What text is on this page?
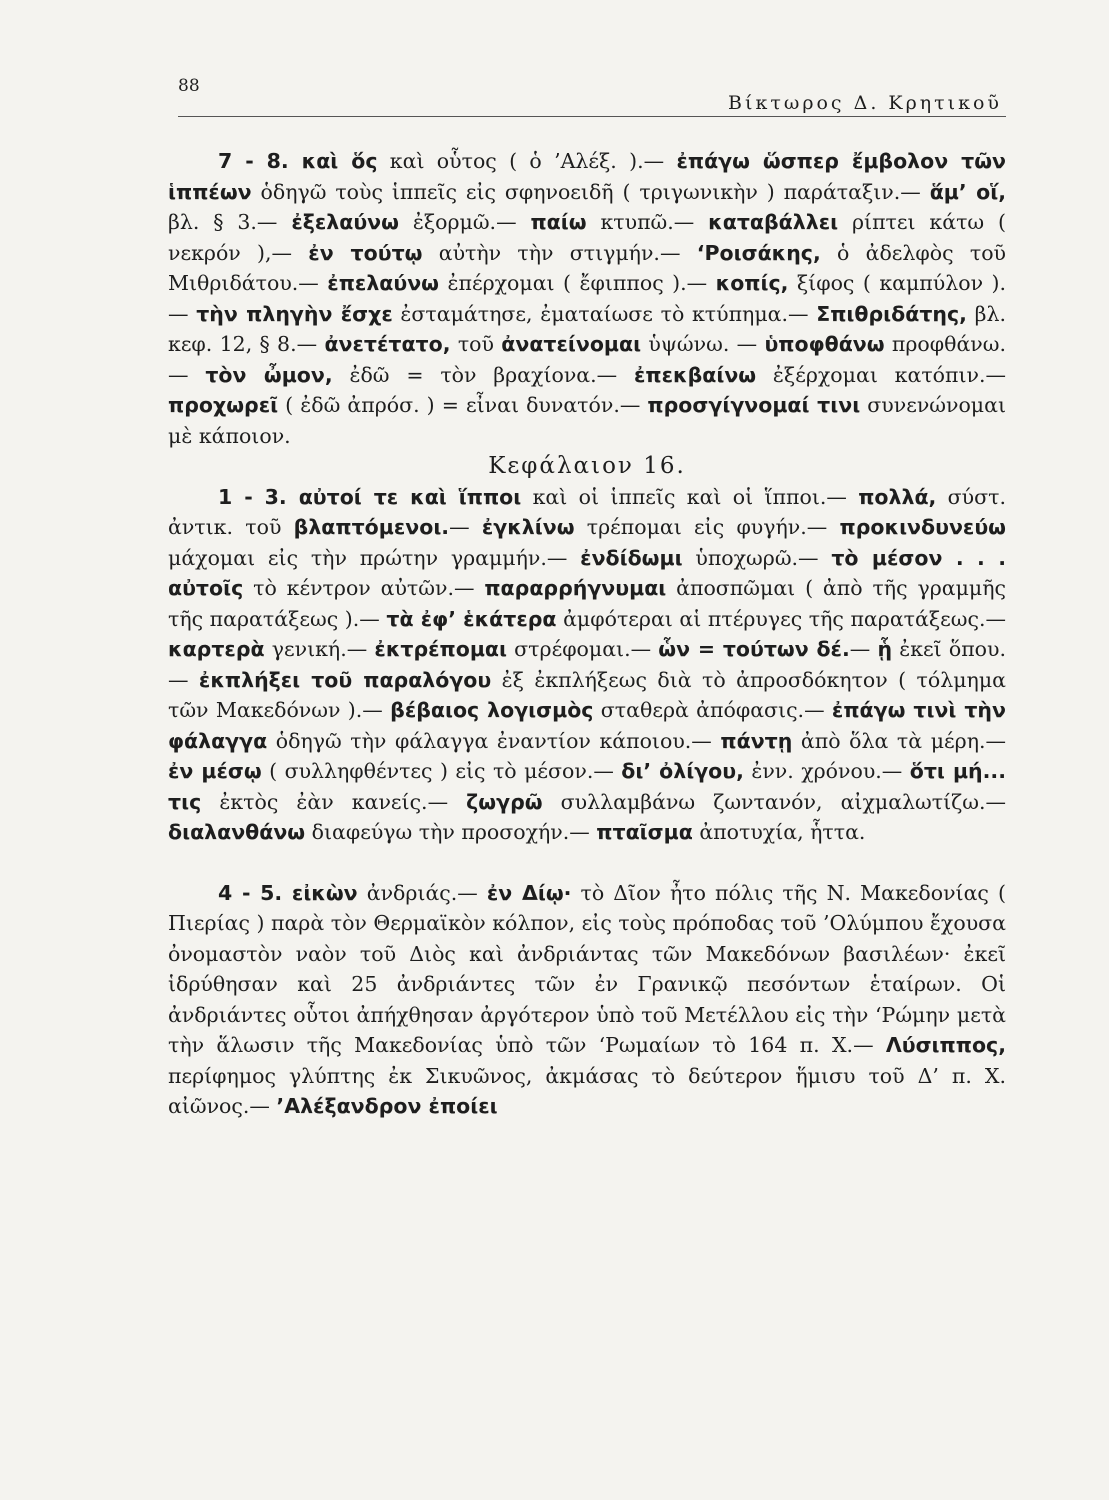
88
Βίκτωρος Δ. Κρητικοῦ

7 - 8. καὶ ὅς καὶ οὗτος ( ὁ ’Αλέξ. ).— ἐπάγω ὥσπερ ἔμβολον τῶν ἱππέων ὁδηγῶ τοὺς ἱππεῖς εἰς σφηνοειδῆ ( τριγωνικὴν ) παράταξιν.— ἅμ’ οἵ, βλ. § 3.— ἐξελαύνω ἐξορμῶ.— παίω κτυπῶ.— καταβάλλει ρίπτει κάτω ( νεκρόν ),— ἐν τούτῳ αὐτὴν τὴν στιγμήν.— ‘Ροισάκης, ὁ ἀδελφὸς τοῦ Μιθριδάτου.— ἐπελαύνω ἐπέρχομαι ( ἔφιππος ).— κοπίς, ξίφος ( καμπύλον ).— τὴν πληγὴν ἔσχε ἐσταμάτησε, ἐματαίωσε τὸ κτύπημα.— Σπιθριδάτης, βλ. κεφ. 12, § 8.— ἀνετέτατο, τοῦ ἀνατείνομαι ὑψώνω. — ὑποφθάνω προφθάνω. — τὸν ὦμον, ἐδῶ = τὸν βραχίονα.— ἐπεκβαίνω ἐξέρχομαι κατόπιν.— προχωρεῖ ( ἐδῶ ἀπρόσ. ) = εἶναι δυνατόν.— προσγίγνομαί τινι συνενώνομαι μὲ κάποιον.

Κεφάλαιον 16.

1 - 3. αὐτοί τε καὶ ἵπποι καὶ οἱ ἱππεῖς καὶ οἱ ἵπποι.— πολλά, σύστ. ἀντικ. τοῦ βλαπτόμενοι.— ἐγκλίνω τρέπομαι εἰς φυγήν.— προκινδυνεύω μάχομαι εἰς τὴν πρώτην γραμμήν.— ἐνδίδωμι ὑποχωρῶ.— τὸ μέσον . . . αὐτοῖς τὸ κέντρον αὐτῶν.— παραρρήγνυμαι ἀποσπῶμαι ( ἀπὸ τῆς γραμμῆς τῆς παρατάξεως ).— τὰ ἐφ’ ἑκάτερα ἀμφότεραι αἱ πτέρυγες τῆς παρατάξεως.— καρτερὰ γενική.— ἐκτρέπομαι στρέφομαι.— ὧν = τούτων δέ.— ᾗ ἐκεῖ ὅπου.— ἐκπλήξει τοῦ παραλόγου ἐξ ἐκπλήξεως διὰ τὸ ἀπροσδόκητον ( τόλμημα τῶν Μακεδόνων ).— βέβαιος λογισμὸς σταθερὰ ἀπόφασις.— ἐπάγω τινὶ τὴν φάλαγγα ὁδηγῶ τὴν φάλαγγα ἐναντίον κάποιου.— πάντῃ ἀπὸ ὅλα τὰ μέρη.— ἐν μέσῳ ( συλληφθέντες ) εἰς τὸ μέσον.— δι’ ὀλίγου, ἐνν. χρόνου.— ὅτι μή... τις ἐκτὸς ἐὰν κανείς.— ζωγρῶ συλλαμβάνω ζωντανόν, αἰχμαλωτίζω.— διαλανθάνω διαφεύγω τὴν προσοχήν.— πταῖσμα ἀποτυχία, ἧττα.

4 - 5. εἰκὼν ἀνδριάς.— ἐν Δίῳ· τὸ Δῖον ἦτο πόλις τῆς Ν. Μακεδονίας ( Πιερίας ) παρὰ τὸν Θερμαϊκὸν κόλπον, εἰς τοὺς πρόποδας τοῦ ’Ολύμπου ἔχουσα ὀνομαστὸν ναὸν τοῦ Διὸς καὶ ἀνδριάντας τῶν Μακεδόνων βασιλέων· ἐκεῖ ἱδρύθησαν καὶ 25 ἀνδριάντες τῶν ἐν Γρανικῷ πεσόντων ἑταίρων. Οἱ ἀνδριάντες οὗτοι ἀπήχθησαν ἀργότερον ὑπὸ τοῦ Μετέλλου εἰς τὴν ‘Ρώμην μετὰ τὴν ἅλωσιν τῆς Μακεδονίας ὑπὸ τῶν ‘Ρωμαίων τὸ 164 π. Χ.— Λύσιππος, περίφημος γλύπτης ἐκ Σικυῶνος, ἀκμάσας τὸ δεύτερον ἥμισυ τοῦ Δ’ π. Χ. αἰῶνος.— ’Αλέξανδρον ἐποίει
